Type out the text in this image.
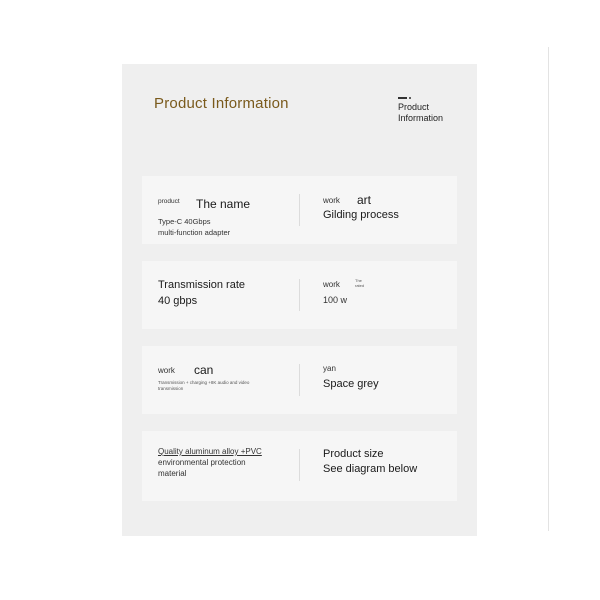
Product Information	Product
Information
product The name
Type-C 40Gbps
multi-function adapter
work art
Gilding process
Transmission rate
40 gbps
work	The
rated
100 w
work can
Transmission + charging +8K audio and video
transmission
yan
Space grey
Quality aluminum alloy +PVC
environmental protection
material
Product size
See diagram below
